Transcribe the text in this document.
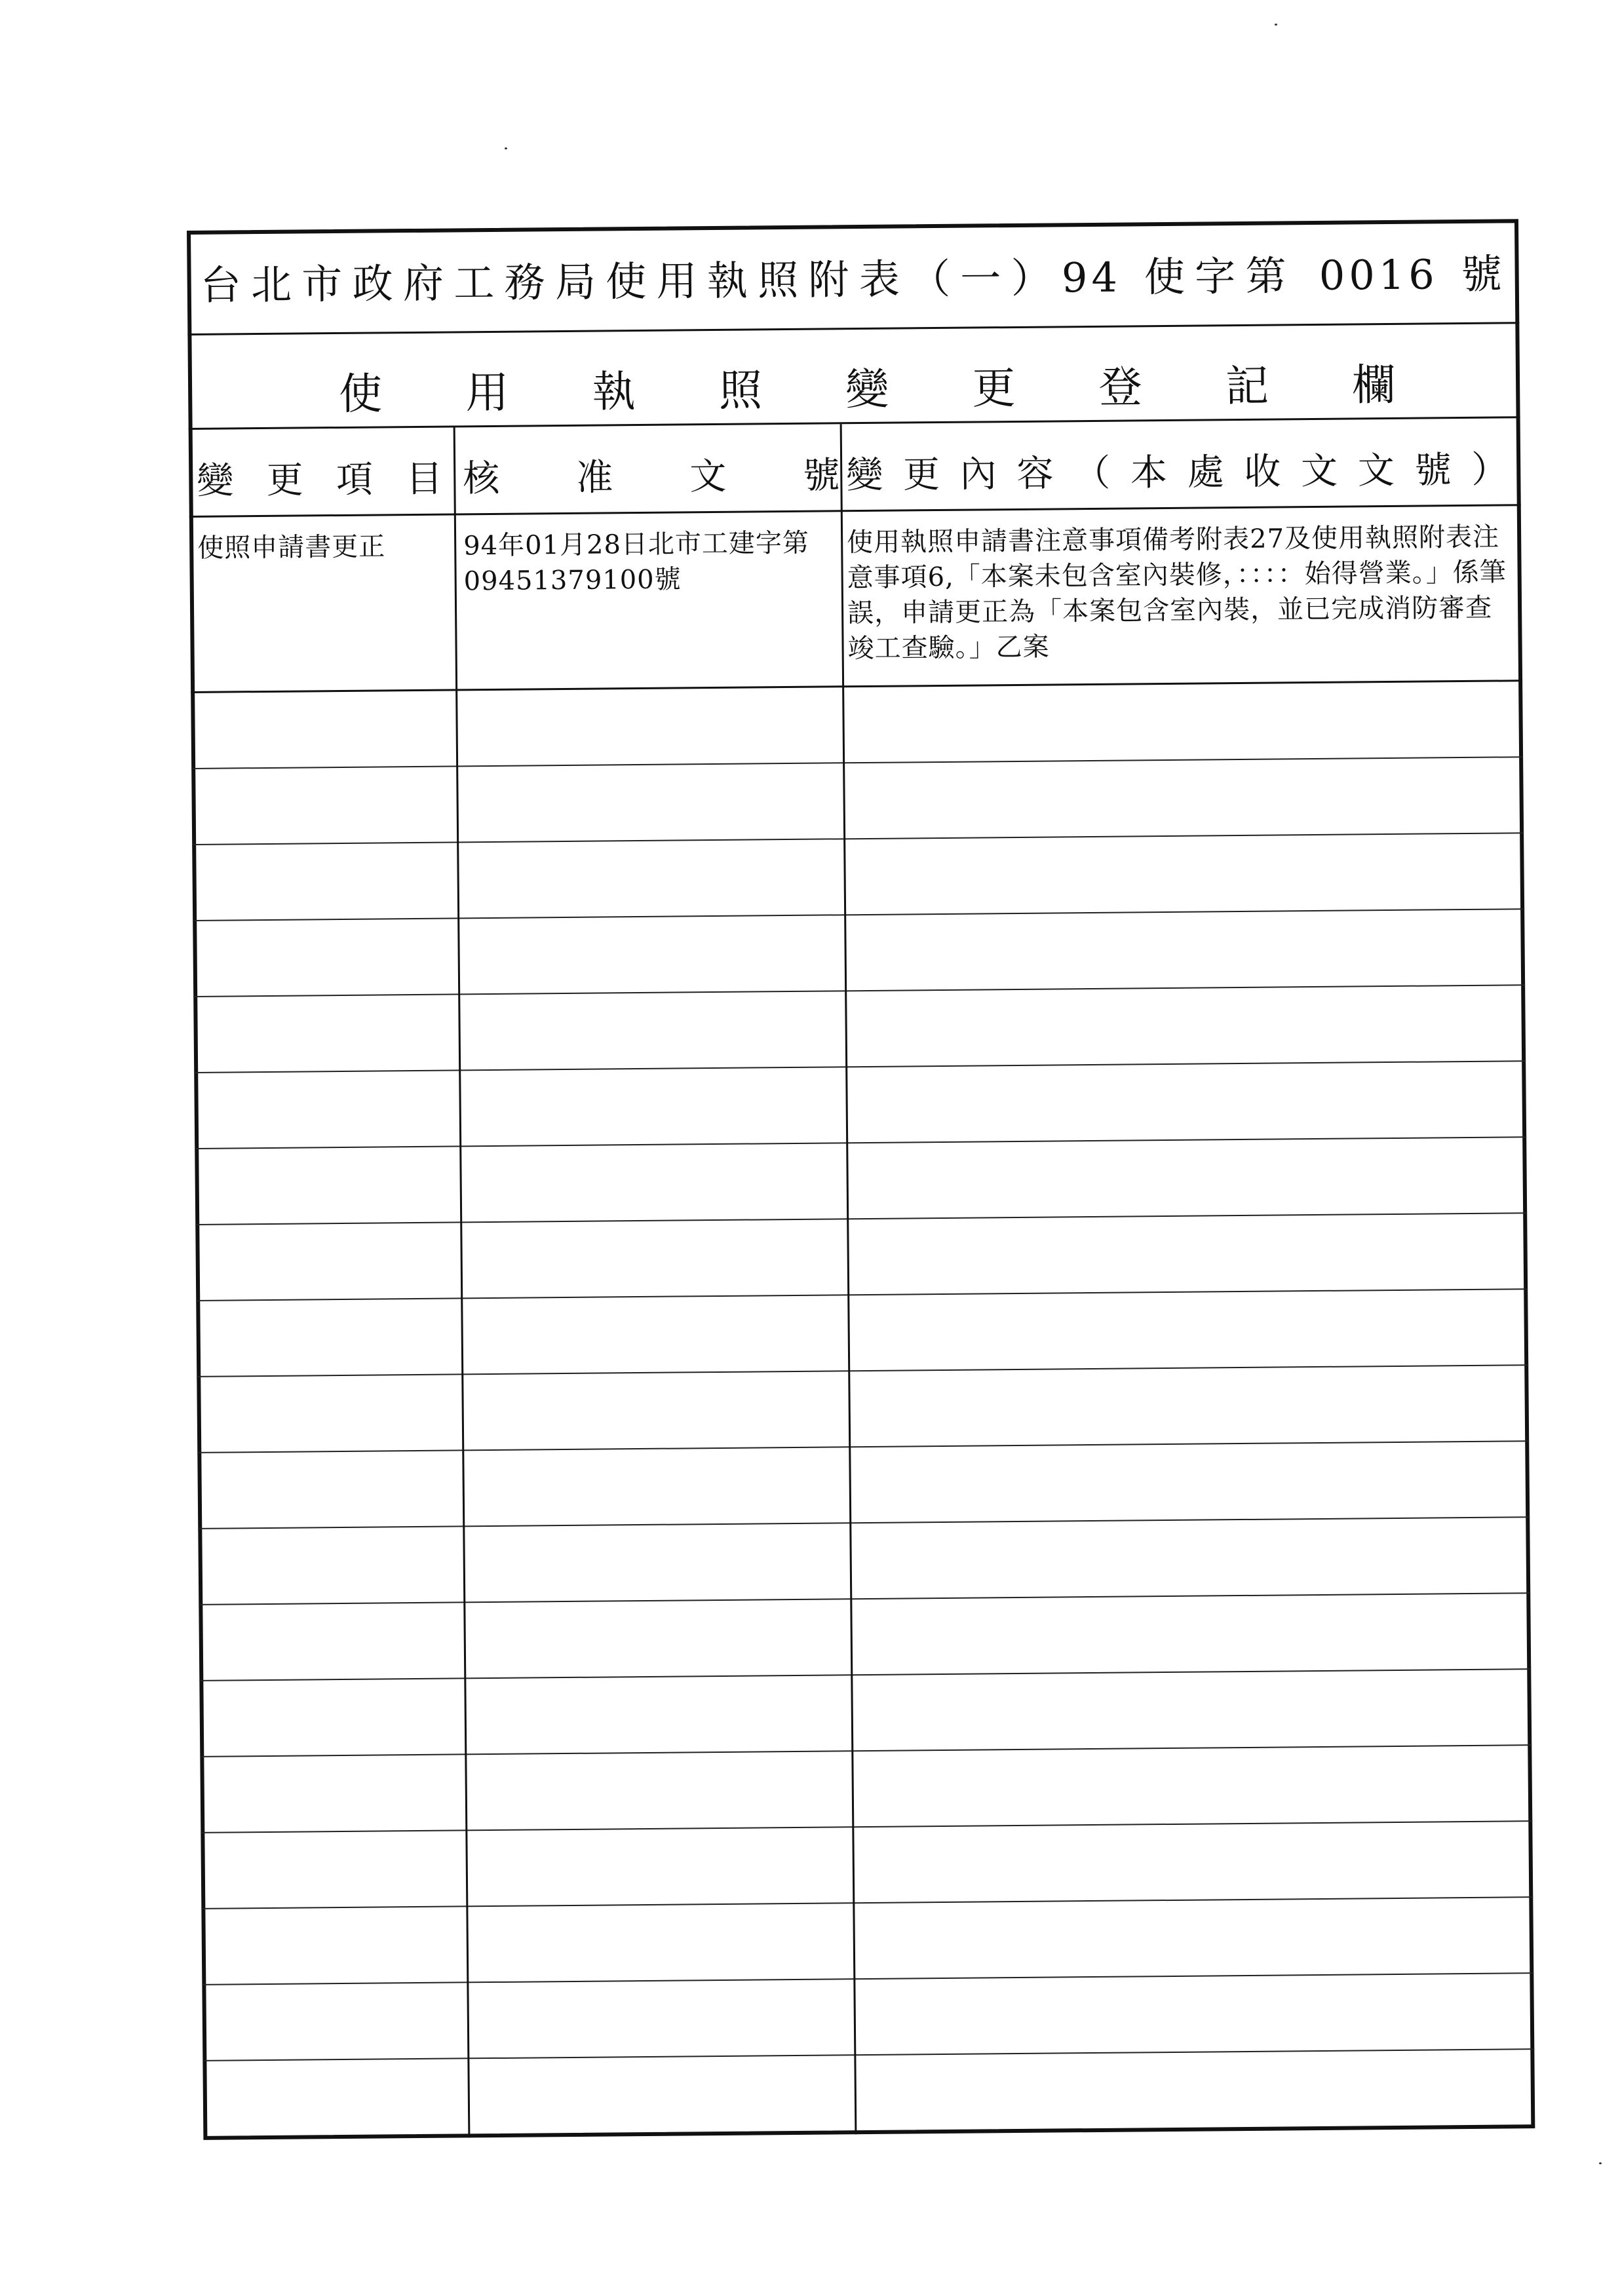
台北市政府工務局使用執照附表（一）94 使字第 0016 號
使 用 執 照 變 更 登 記 欄
變 更 項 目 核 准 文 號 變更內容（本處收文文號）
使照申請書更正	94年01月28日北市工建字第09451379100號
使用執照申請書注意事項備考附表27及使用執照附表注意事項6,「本案未包含室內裝修，：：：：始得營業。」係筆誤，申請更正為「本案包含室內裝，並已完成消防審查竣工查驗。」乙案
